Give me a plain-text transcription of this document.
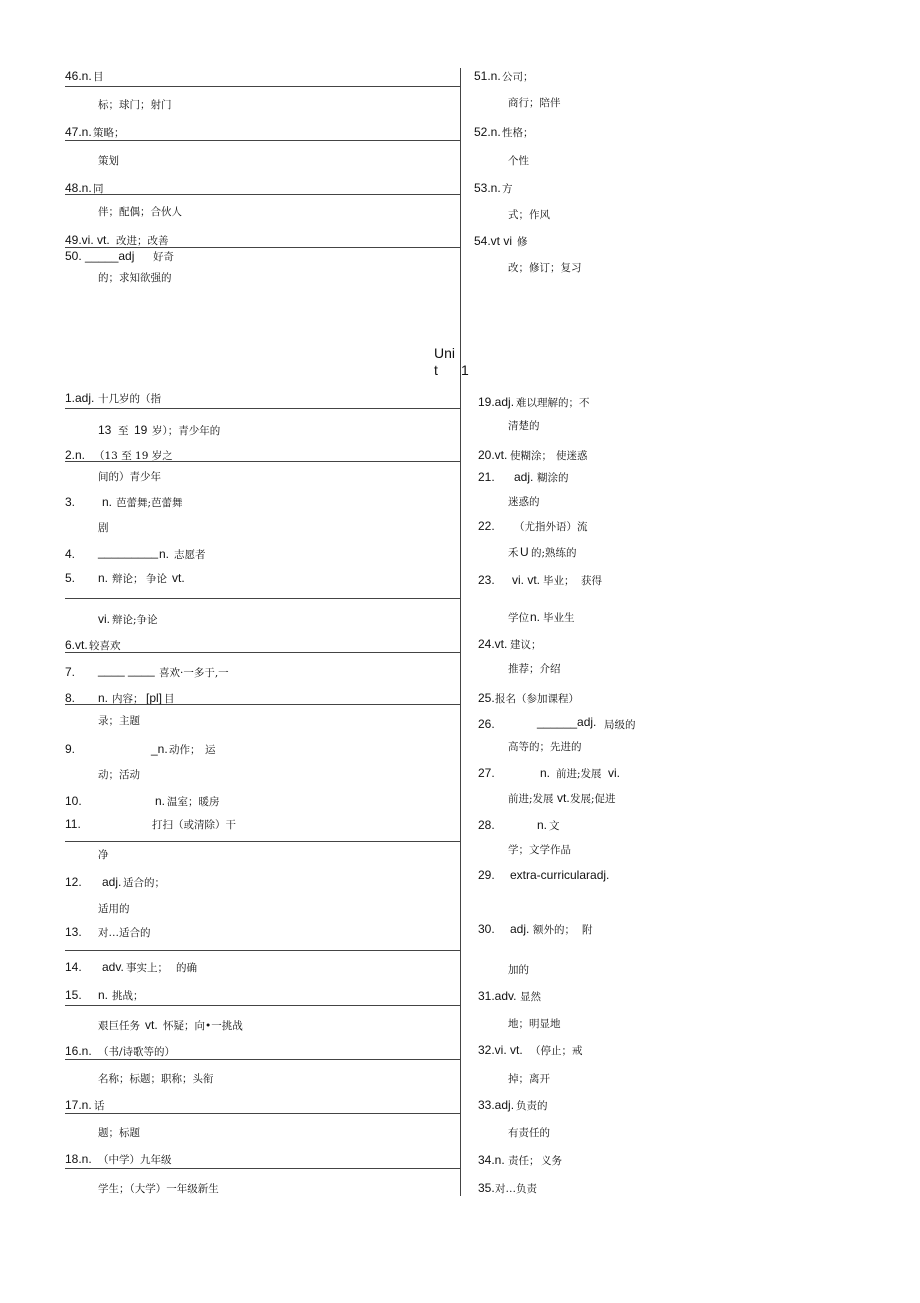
46.n. 目
标；球门；射门
47.n. 策略；
策划
48.n. 同
伴；配偶；合伙人
49.vi. vt. 改进；改善
50. _____adj 好奇
的；求知欲强的
51.n. 公司；
商行；陪伴
52.n. 性格；
个性
53.n. 方
式；作风
54.vt vi 修
改；修订；复习
Uni
t 1
1.adj. 十几岁的（指
13 至 19 岁）；青少年的
2.n. （13 至 19 岁之
间的）青少年
3. n. 芭蕾舞;芭蕾舞
剧
4. _________ n. 志愿者
5. n. 辩论； 争论 vt.
vi. 辩论;争论
6.vt. 较喜欢
7. ____ ____ 喜欢·一多于,一
8. n. 内容； [pl] 目
录；主题
9.	_n. 动作； 运
动；活动
10.	n. 温室；暖房
11.	打扫（或清除）干
净
12. adj. 适合的；
适用的
13. 对…适合的
14. adv. 事实上； 的确
15. n. 挑战；
艰巨任务 vt. 怀疑；向•一挑战
16.n. （书/诗歌等的）
名称；标题；职称；头衔
17.n. 话
题；标题
18.n. （中学）九年级
学生；（大学）一年级新生
19.adj. 难以理解的；不
清楚的
20.vt. 使糊涂； 使迷惑
21. adj. 糊涂的
迷惑的
22. （尤指外语）流
禾 U 的;熟练的
23. vi. vt. 毕业； 获得
学位 n. 毕业生
24.vt. 建议；
推荐；介绍
25. 报名（参加课程）
26.	______adj. 局级的
高等的；先进的
27.	n. 前进;发展 vi.
前进;发展 vt. 发展;促进
28.	n. 文
学；文学作品
29. extra-curricularadj.
30. adj. 额外的； 附
加的
31.adv. 显然
地；明显地
32.vi. vt. （停止； 戒
掉；离开
33.adj. 负责的
有责任的
34.n. 责任； 义务
35. 对…负责
